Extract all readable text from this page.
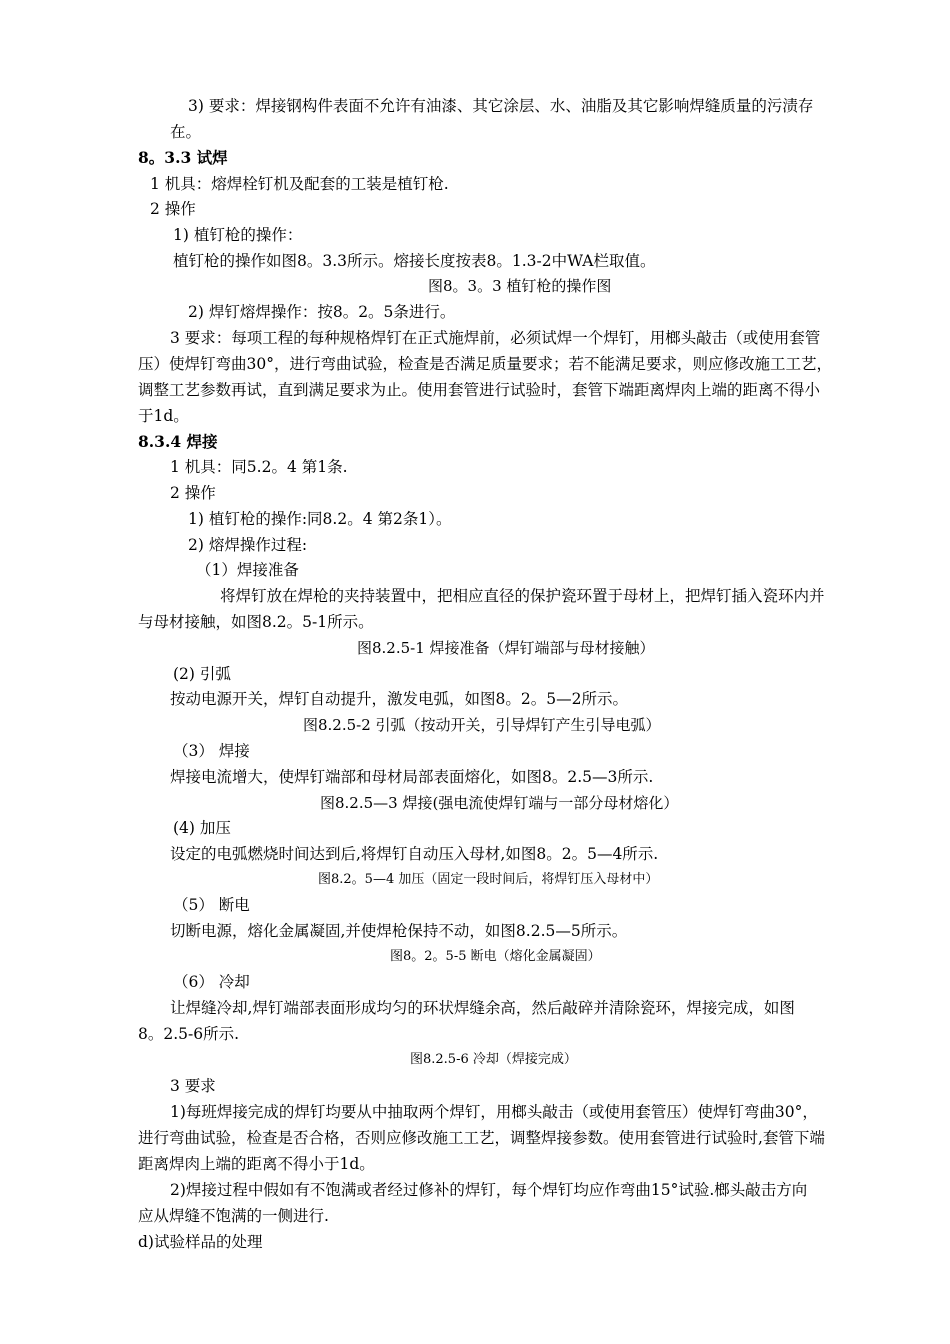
3) 要求：焊接钢构件表面不允许有油漆、其它涂层、水、油脂及其它影响焊缝质量的污渍存
在。
8。3.3 试焊
1 机具：熔焊栓钉机及配套的工装是植钉枪.
2 操作
1) 植钉枪的操作：
植钉枪的操作如图8。3.3所示。熔接长度按表8。1.3-2中WA栏取值。
图8。3。3 植钉枪的操作图
2) 焊钉熔焊操作：按8。2。5条进行。
3 要求：每项工程的每种规格焊钉在正式施焊前，必须试焊一个焊钉，用榔头敲击（或使用套管
压）使焊钉弯曲30°，进行弯曲试验，检查是否满足质量要求；若不能满足要求，则应修改施工工艺，
调整工艺参数再试，直到满足要求为止。使用套管进行试验时，套管下端距离焊肉上端的距离不得小
于1d。
8.3.4 焊接
1 机具：同5.2。4 第1条.
2 操作
1) 植钉枪的操作:同8.2。4 第2条1）。
2) 熔焊操作过程:
（1）焊接准备
将焊钉放在焊枪的夹持装置中，把相应直径的保护瓷环置于母材上，把焊钉插入瓷环内并
与母材接触，如图8.2。5-1所示。
图8.2.5-1 焊接准备（焊钉端部与母材接触）
(2) 引弧
按动电源开关，焊钉自动提升，激发电弧，如图8。2。5—2所示。
图8.2.5-2 引弧（按动开关，引导焊钉产生引导电弧）
（3） 焊接
焊接电流增大，使焊钉端部和母材局部表面熔化，如图8。2.5—3所示.
图8.2.5—3 焊接(强电流使焊钉端与一部分母材熔化）
(4) 加压
设定的电弧燃烧时间达到后,将焊钉自动压入母材,如图8。2。5—4所示.
图8.2。5—4 加压（固定一段时间后，将焊钉压入母材中）
（5） 断电
切断电源，熔化金属凝固,并使焊枪保持不动，如图8.2.5—5所示。
图8。2。5-5 断电（熔化金属凝固）
（6） 冷却
让焊缝冷却,焊钉端部表面形成均匀的环状焊缝余高，然后敲碎并清除瓷环，焊接完成，如图
8。2.5-6所示.
图8.2.5-6 冷却（焊接完成）
3 要求
1)每班焊接完成的焊钉均要从中抽取两个焊钉，用榔头敲击（或使用套管压）使焊钉弯曲30°，
进行弯曲试验，检查是否合格，否则应修改施工工艺，调整焊接参数。使用套管进行试验时,套管下端
距离焊肉上端的距离不得小于1d。
2)焊接过程中假如有不饱满或者经过修补的焊钉，每个焊钉均应作弯曲15°试验.榔头敲击方向
应从焊缝不饱满的一侧进行.
d)试验样品的处理
